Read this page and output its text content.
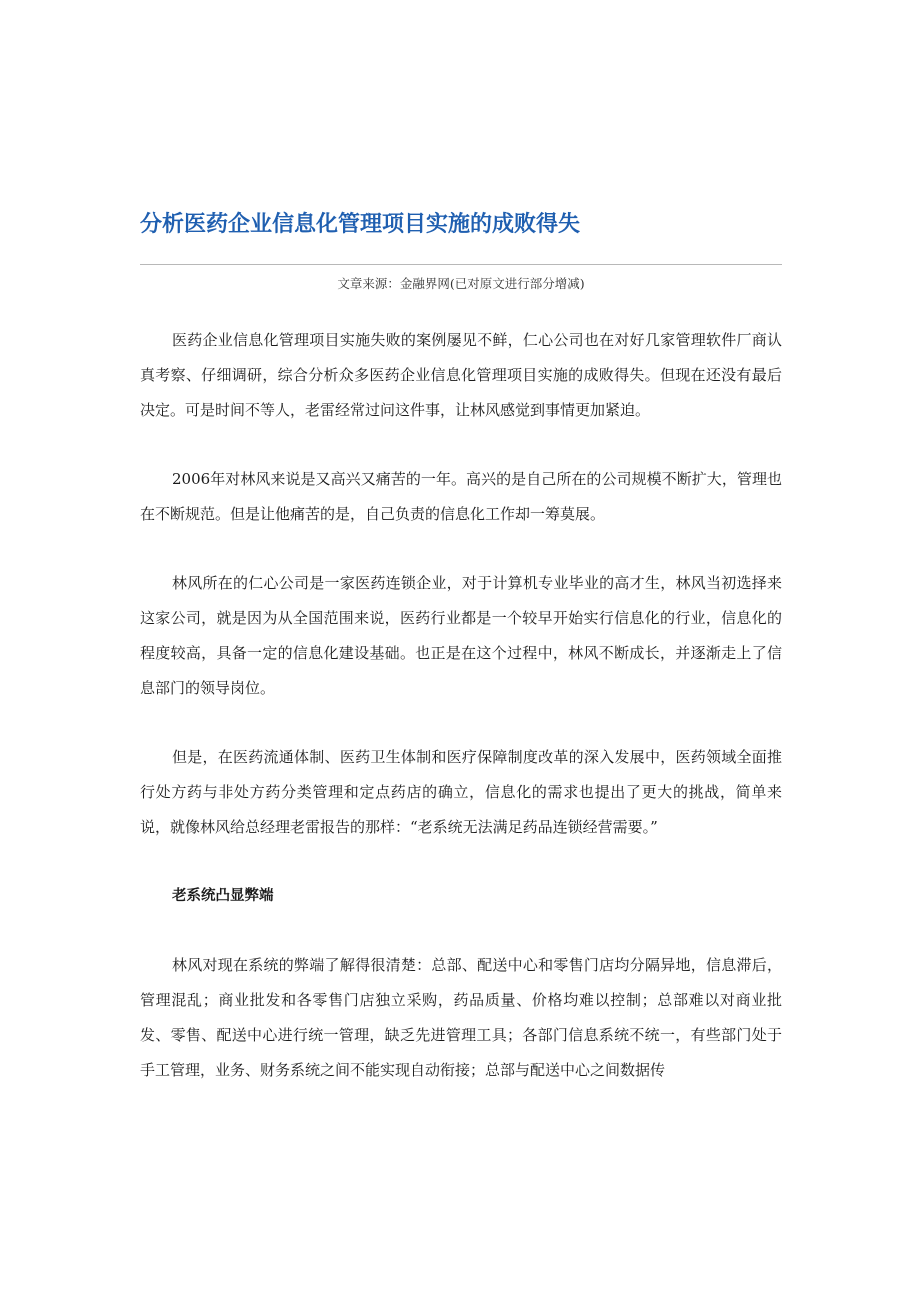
分析医药企业信息化管理项目实施的成败得失
文章来源：金融界网(已对原文进行部分增减)

医药企业信息化管理项目实施失败的案例屡见不鲜，仁心公司也在对好几家管理软件厂商认真考察、仔细调研，综合分析众多医药企业信息化管理项目实施的成败得失。但现在还没有最后决定。可是时间不等人，老雷经常过问这件事，让林风感觉到事情更加紧迫。

2006年对林风来说是又高兴又痛苦的一年。高兴的是自己所在的公司规模不断扩大，管理也在不断规范。但是让他痛苦的是，自己负责的信息化工作却一筹莫展。

林风所在的仁心公司是一家医药连锁企业，对于计算机专业毕业的高才生，林风当初选择来这家公司，就是因为从全国范围来说，医药行业都是一个较早开始实行信息化的行业，信息化的程度较高，具备一定的信息化建设基础。也正是在这个过程中，林风不断成长，并逐渐走上了信息部门的领导岗位。

但是，在医药流通体制、医药卫生体制和医疗保障制度改革的深入发展中，医药领域全面推行处方药与非处方药分类管理和定点药店的确立，信息化的需求也提出了更大的挑战，简单来说，就像林风给总经理老雷报告的那样：“老系统无法满足药品连锁经营需要。”

老系统凸显弊端

林风对现在系统的弊端了解得很清楚：总部、配送中心和零售门店均分隔异地，信息滞后，管理混乱；商业批发和各零售门店独立采购，药品质量、价格均难以控制；总部难以对商业批发、零售、配送中心进行统一管理，缺乏先进管理工具；各部门信息系统不统一，有些部门处于手工管理，业务、财务系统之间不能实现自动衔接；总部与配送中心之间数据传
